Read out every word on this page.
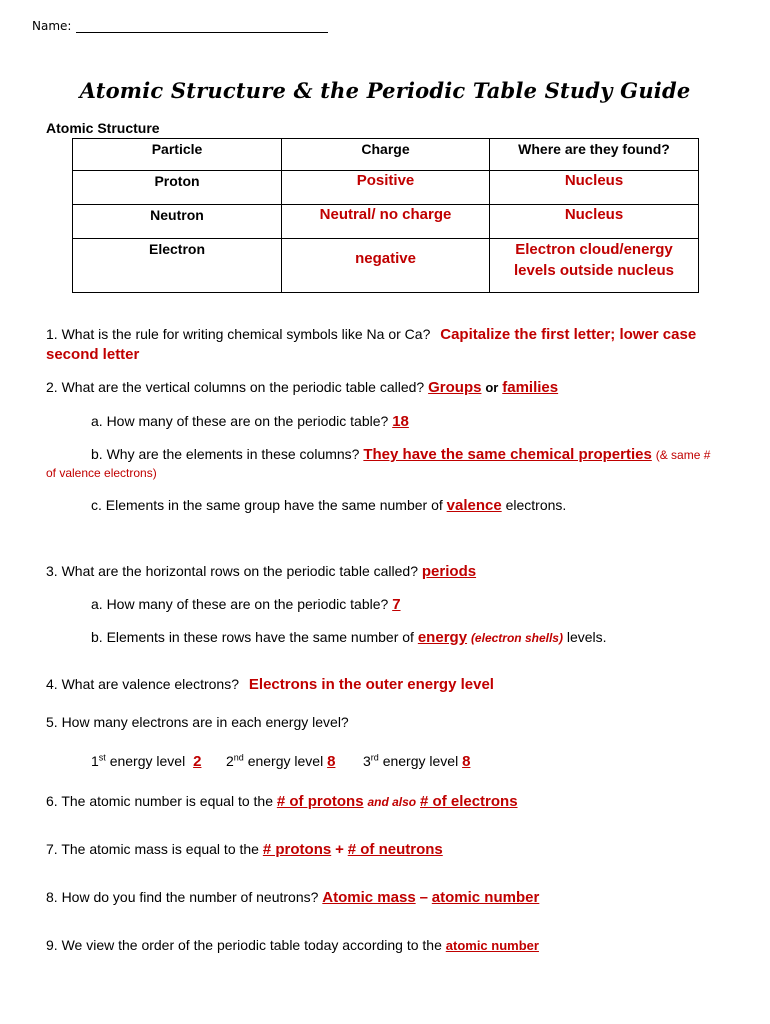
Name:
Atomic Structure & the Periodic Table Study Guide
Atomic Structure
Particle	Charge	Where are they found?

Proton	Positive	Nucleus

Neutron	Neutral/ no charge	Nucleus

Electron	negative	Electron cloud/energy
levels outside nucleus
1. What is the rule for writing chemical symbols like Na or Ca? Capitalize the first letter; lower case
second letter
2. What are the vertical columns on the periodic table called? Groups or families
a. How many of these are on the periodic table? 18
b. Why are the elements in these columns? They have the same chemical properties (& same #
of valence electrons)
c. Elements in the same group have the same number of valence electrons.
3. What are the horizontal rows on the periodic table called? periods
a. How many of these are on the periodic table? 7
b. Elements in these rows have the same number of energy (electron shells) levels.
4. What are valence electrons? Electrons in the outer energy level
5. How many electrons are in each energy level?
1st energy level 2 2nd energy level 8 3rd energy level 8
6. The atomic number is equal to the # of protons and also # of electrons
7. The atomic mass is equal to the # protons + # of neutrons
8. How do you find the number of neutrons? Atomic mass – atomic number
9. We view the order of the periodic table today according to the atomic number
